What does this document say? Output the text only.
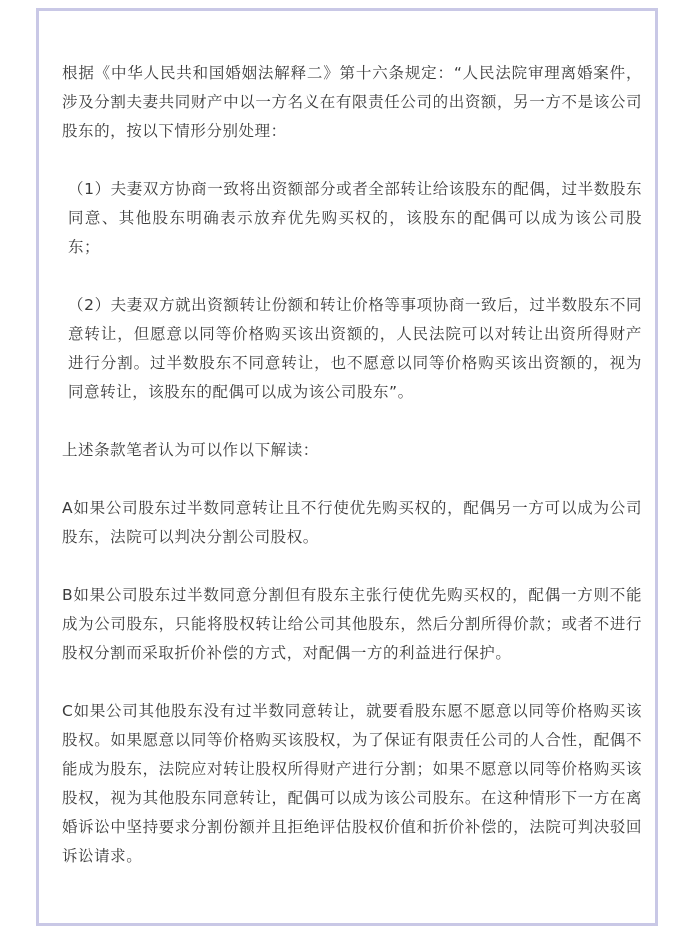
根据《中华人民共和国婚姻法解释二》第十六条规定：“人民法院审理离婚案件，涉及分割夫妻共同财产中以一方名义在有限责任公司的出资额，另一方不是该公司股东的，按以下情形分别处理：

（1）夫妻双方协商一致将出资额部分或者全部转让给该股东的配偶，过半数股东同意、其他股东明确表示放弃优先购买权的，该股东的配偶可以成为该公司股东；

（2）夫妻双方就出资额转让份额和转让价格等事项协商一致后，过半数股东不同意转让，但愿意以同等价格购买该出资额的，人民法院可以对转让出资所得财产进行分割。过半数股东不同意转让，也不愿意以同等价格购买该出资额的，视为同意转让，该股东的配偶可以成为该公司股东”。

上述条款笔者认为可以作以下解读：

A如果公司股东过半数同意转让且不行使优先购买权的，配偶另一方可以成为公司股东，法院可以判决分割公司股权。

B如果公司股东过半数同意分割但有股东主张行使优先购买权的，配偶一方则不能成为公司股东，只能将股权转让给公司其他股东，然后分割所得价款；或者不进行股权分割而采取折价补偿的方式，对配偶一方的利益进行保护。

C如果公司其他股东没有过半数同意转让，就要看股东愿不愿意以同等价格购买该股权。如果愿意以同等价格购买该股权，为了保证有限责任公司的人合性，配偶不能成为股东，法院应对转让股权所得财产进行分割；如果不愿意以同等价格购买该股权，视为其他股东同意转让，配偶可以成为该公司股东。在这种情形下一方在离婚诉讼中坚持要求分割份额并且拒绝评估股权价值和折价补偿的，法院可判决驳回诉讼请求。
